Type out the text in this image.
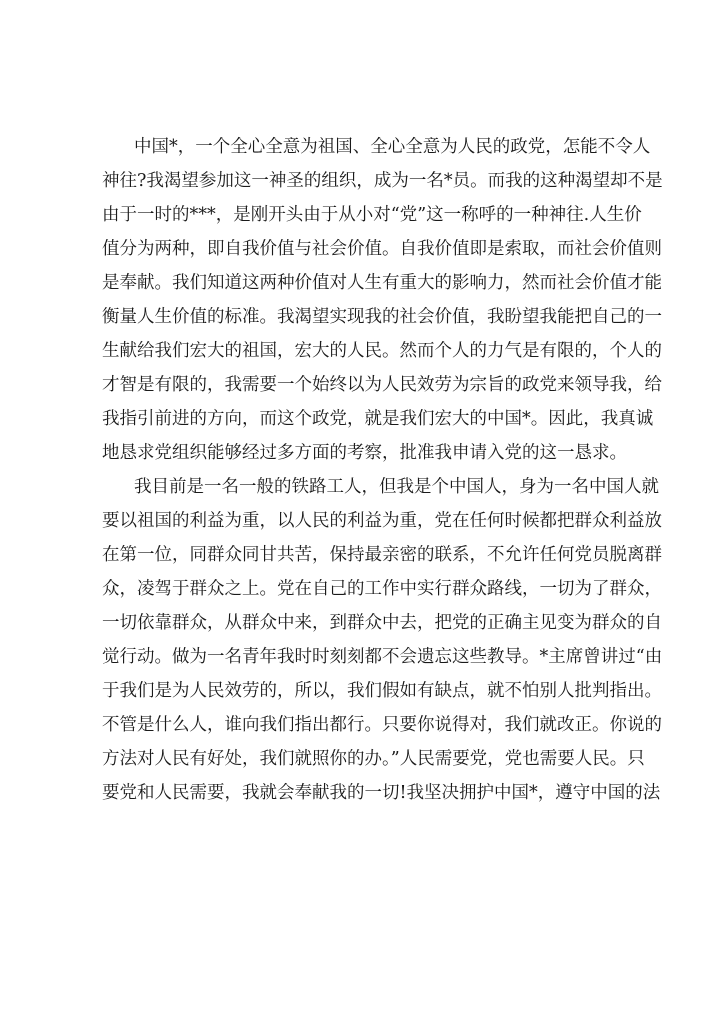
中国*，一个全心全意为祖国、全心全意为人民的政党，怎能不令人
神往?我渴望参加这一神圣的组织，成为一名*员。而我的这种渴望却不是
由于一时的***，是刚开头由于从小对“党”这一称呼的一种神往.人生价
值分为两种，即自我价值与社会价值。自我价值即是索取，而社会价值则
是奉献。我们知道这两种价值对人生有重大的影响力，然而社会价值才能
衡量人生价值的标准。我渴望实现我的社会价值，我盼望我能把自己的一
生献给我们宏大的祖国，宏大的人民。然而个人的力气是有限的，个人的
才智是有限的，我需要一个始终以为人民效劳为宗旨的政党来领导我，给
我指引前进的方向，而这个政党，就是我们宏大的中国*。因此，我真诚
地恳求党组织能够经过多方面的考察，批准我申请入党的这一恳求。
我目前是一名一般的铁路工人，但我是个中国人，身为一名中国人就
要以祖国的利益为重，以人民的利益为重，党在任何时候都把群众利益放
在第一位，同群众同甘共苦，保持最亲密的联系，不允许任何党员脱离群
众，凌驾于群众之上。党在自己的工作中实行群众路线，一切为了群众，
一切依靠群众，从群众中来，到群众中去，把党的正确主见变为群众的自
觉行动。做为一名青年我时时刻刻都不会遗忘这些教导。*主席曾讲过“由
于我们是为人民效劳的，所以，我们假如有缺点，就不怕别人批判指出。
不管是什么人，谁向我们指出都行。只要你说得对，我们就改正。你说的
方法对人民有好处，我们就照你的办。”人民需要党，党也需要人民。只
要党和人民需要，我就会奉献我的一切!我坚决拥护中国*，遵守中国的法
